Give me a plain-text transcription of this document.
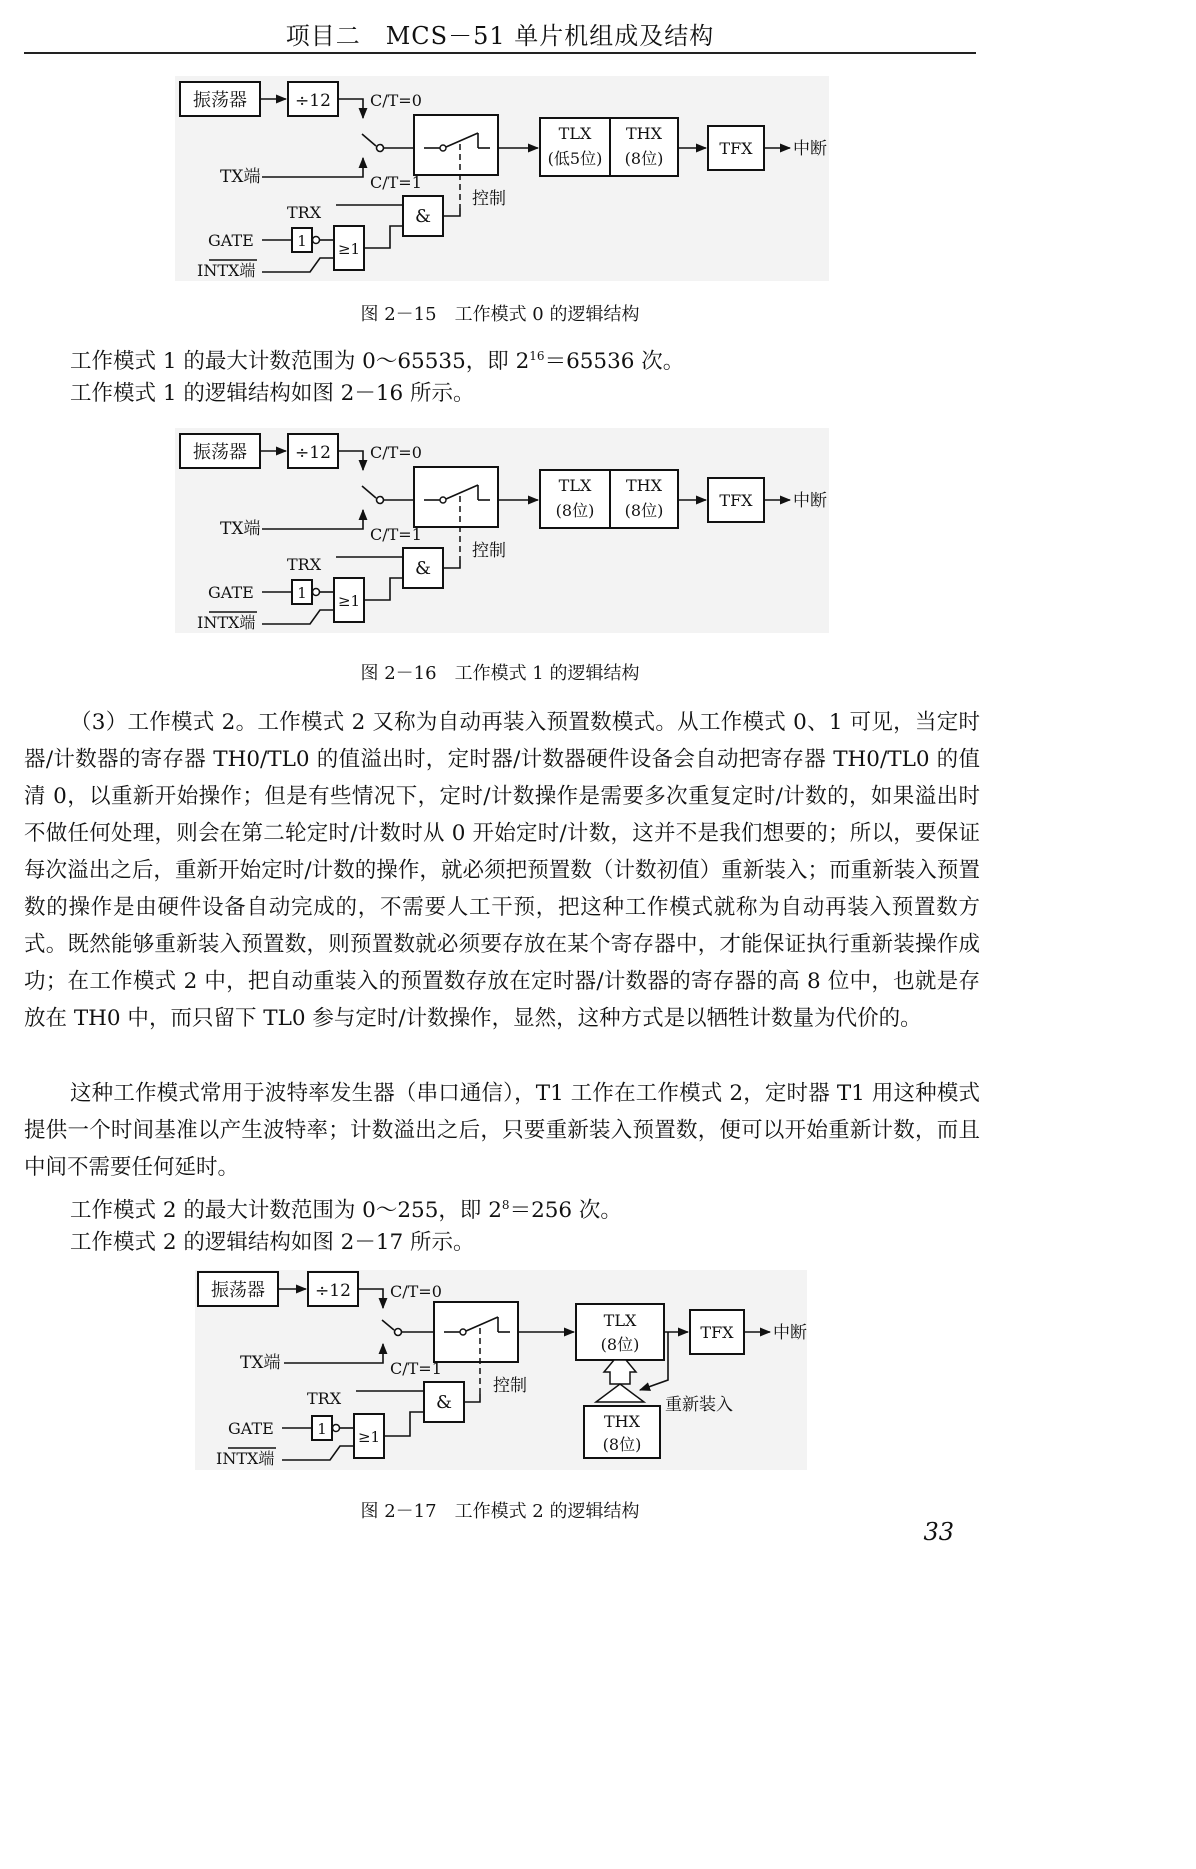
项目二　MCS－51 单片机组成及结构
振荡器	÷12 C/T=0
TX端	C/T=1
TLX
(低5位)
THX
(8位)
TFX 中断
控制
&
TRX
GATE	1 ≥1
INTX端
图 2－15　工作模式 0 的逻辑结构

工作模式 1 的最大计数范围为 0～65535，即 $2^{16}=65536$ 次。

工作模式 1 的逻辑结构如图 2－16 所示。

振荡器	÷12 C/T=0
TX端	C/T=1
TLX
(8位)
THX
(8位)
TFX 中断
控制
&
TRX
GATE	1 ≥1
INTX端
图 2－16　工作模式 1 的逻辑结构

（3）工作模式 2。工作模式 2 又称为自动再装入预置数模式。从工作模式 0、1 可见，当定时器/计数器的寄存器 TH0/TL0 的值溢出时，定时器/计数器硬件设备会自动把寄存器 TH0/TL0 的值清 0，以重新开始操作；但是有些情况下，定时/计数操作是需要多次重复定时/计数的，如果溢出时不做任何处理，则会在第二轮定时/计数时从 0 开始定时/计数，这并不是我们想要的；所以，要保证每次溢出之后，重新开始定时/计数的操作，就必须把预置数（计数初值）重新装入；而重新装入预置数的操作是由硬件设备自动完成的，不需要人工干预，把这种工作模式就称为自动再装入预置数方式。既然能够重新装入预置数，则预置数就必须要存放在某个寄存器中，才能保证执行重新装操作成功；在工作模式 2 中，把自动重装入的预置数存放在定时器/计数器的寄存器的高 8 位中，也就是存放在 TH0 中，而只留下 TL0 参与定时/计数操作，显然，这种方式是以牺牲计数量为代价的。

这种工作模式常用于波特率发生器（串口通信），T1 工作在工作模式 2，定时器 T1 用这种模式提供一个时间基准以产生波特率；计数溢出之后，只要重新装入预置数，便可以开始重新计数，而且中间不需要任何延时。

工作模式 2 的最大计数范围为 0～255，即 $2^8=256$ 次。

工作模式 2 的逻辑结构如图 2－17 所示。

振荡器	÷12 C/T=0
TX端	C/T=1
TLX
(8位)
TFX 中断
重新装入
THX
(8位)
控制
&
TRX
GATE	1 ≥1
INTX端
图 2－17　工作模式 2 的逻辑结构
33
